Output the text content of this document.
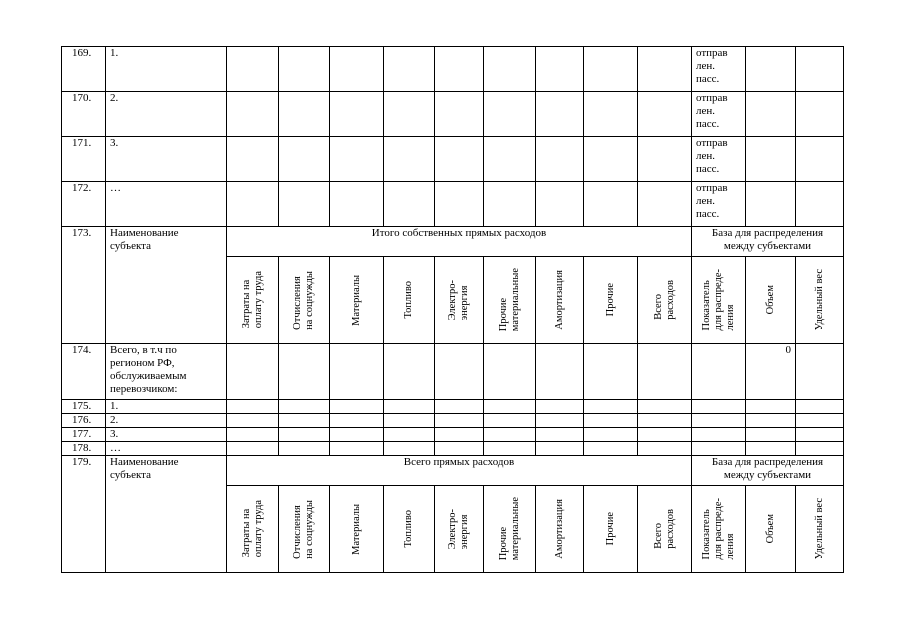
169.	1.										отправ
лен.
пасс.		
170.	2.										отправ
лен.
пасс.		
171.	3.										отправ
лен.
пасс.		
172.	…										отправ
лен.
пасс.		
173.	Наименование
субъекта	Итого собственных прямых расходов									База для распределения
между субъектами		

		Затраты на
оплату труда	Отчисления
на соцнужды	Материалы	Топливо	Электро-
энергия	Прочие
материальные	Амортизация	Прочие	Всего
расходов	Показатель
для распреде-
ления	Объем	Удельный вес

174.	Всего, в т.ч по
регионом РФ,
обслуживаемым
перевозчиком:											0	
175.	1.												
176.	2.												
177.	3.												
178.	…												
179.	Наименование
субъекта	Всего прямых расходов									База для распределения
между субъектами		

		Затраты на
оплату труда	Отчисления
на соцнужды	Материалы	Топливо	Электро-
энергия	Прочие
материальные	Амортизация	Прочие	Всего
расходов	Показатель
для распреде-
ления	Объем	Удельный вес
